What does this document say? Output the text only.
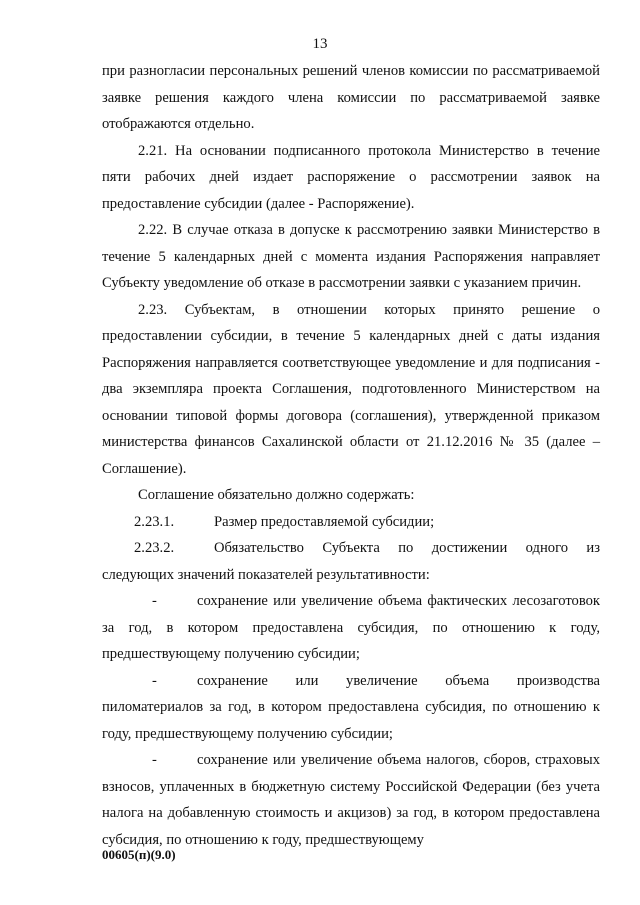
13

при разногласии персональных решений членов комиссии по рассматриваемой заявке решения каждого члена комиссии по рассматриваемой заявке отображаются отдельно.

2.21. На основании подписанного протокола Министерство в течение пяти рабочих дней издает распоряжение о рассмотрении заявок на предоставление субсидии (далее - Распоряжение).

2.22. В случае отказа в допуске к рассмотрению заявки Министерство в течение 5 календарных дней с момента издания Распоряжения направляет Субъекту уведомление об отказе в рассмотрении заявки с указанием причин.

2.23. Субъектам, в отношении которых принято решение о предоставлении субсидии, в течение 5 календарных дней с даты издания Распоряжения направляется соответствующее уведомление и для подписания - два экземпляра проекта Соглашения, подготовленного Министерством на основании типовой формы договора (соглашения), утвержденной приказом министерства финансов Сахалинской области от 21.12.2016 № 35 (далее – Соглашение).

Соглашение обязательно должно содержать:

2.23.1.	Размер предоставляемой субсидии;

2.23.2.	Обязательство Субъекта по достижении одного из следующих значений показателей результативности:

-	сохранение или увеличение объема фактических лесозаготовок за год, в котором предоставлена субсидия, по отношению к году, предшествующему получению субсидии;

-	сохранение или увеличение объема производства пиломатериалов за год, в котором предоставлена субсидия, по отношению к году, предшествующему получению субсидии;

-	сохранение или увеличение объема налогов, сборов, страховых взносов, уплаченных в бюджетную систему Российской Федерации (без учета налога на добавленную стоимость и акцизов) за год, в котором предоставлена субсидия, по отношению к году, предшествующему

00605(п)(9.0)
